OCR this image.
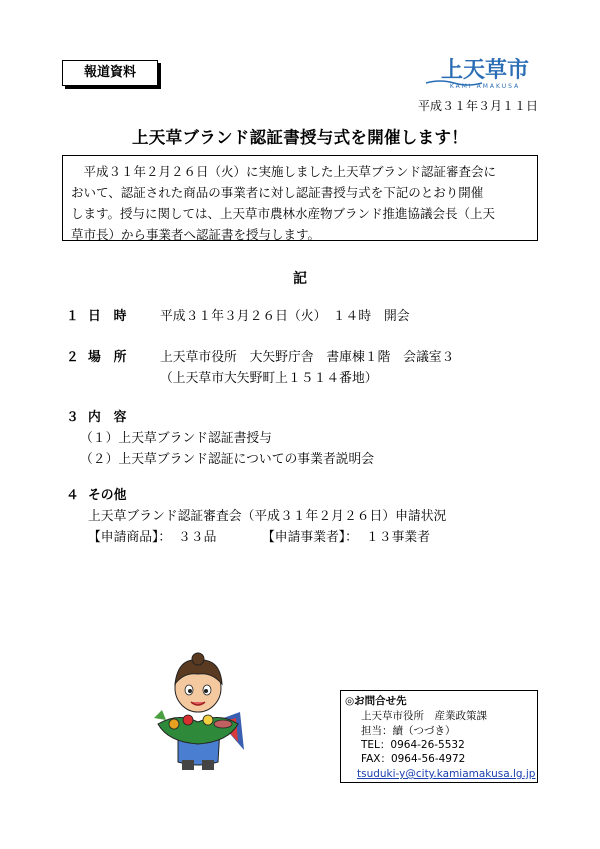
報道資料	上天草市
KAMI AMAKUSA
平成３１年３月１１日
上天草ブランド認証書授与式を開催します！

平成３１年２月２６日（火）に実施しました上天草ブランド認証審査会に

おいて、認証された商品の事業者に対し認証書授与式を下記のとおり開催
します。授与に関しては、上天草市農林水産物ブランド推進協議会長（上天
草市長）から事業者へ認証書を授与します。
記
１ 日　時	平成３１年３月２６日（火）　１４時　開会
２ 場　所	上天草市役所　大矢野庁舎　書庫棟１階　会議室３
（上天草市大矢野町上１５１４番地）
３ 内　容
（１）上天草ブランド認証書授与
（２）上天草ブランド認証についての事業者説明会
４ その他
上天草ブランド認証審査会（平成３１年２月２６日）申請状況
【申請商品】： ３３品	【申請事業者】： １３事業者
◎お問合せ先
上天草市役所　産業政策課
担当：續（つづき）
TEL：0964-26-5532
FAX：0964-56-4972
tsuduki-y@city.kamiamakusa.lg.jp
